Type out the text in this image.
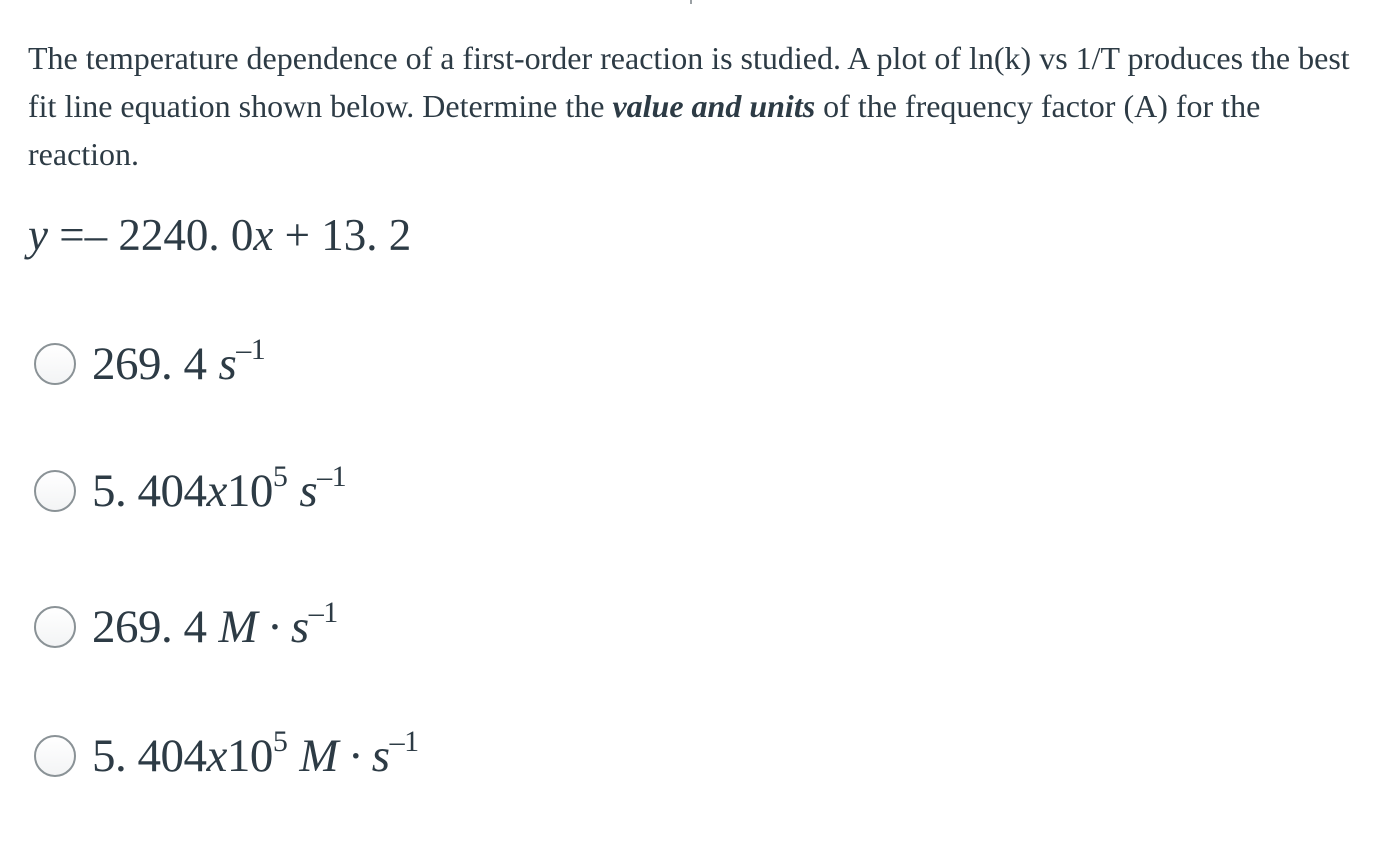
The temperature dependence of a first-order reaction is studied. A plot of ln(k) vs 1/T produces the best fit line equation shown below. Determine the value and units of the frequency factor (A) for the reaction.
y =– 2240. 0x + 13. 2
269. 4 $s^{-1}$
5. $404x10^5$ $s^{-1}$
269. 4 $M \cdot s^{-1}$
5. $404x10^5$ $M \cdot s^{-1}$
